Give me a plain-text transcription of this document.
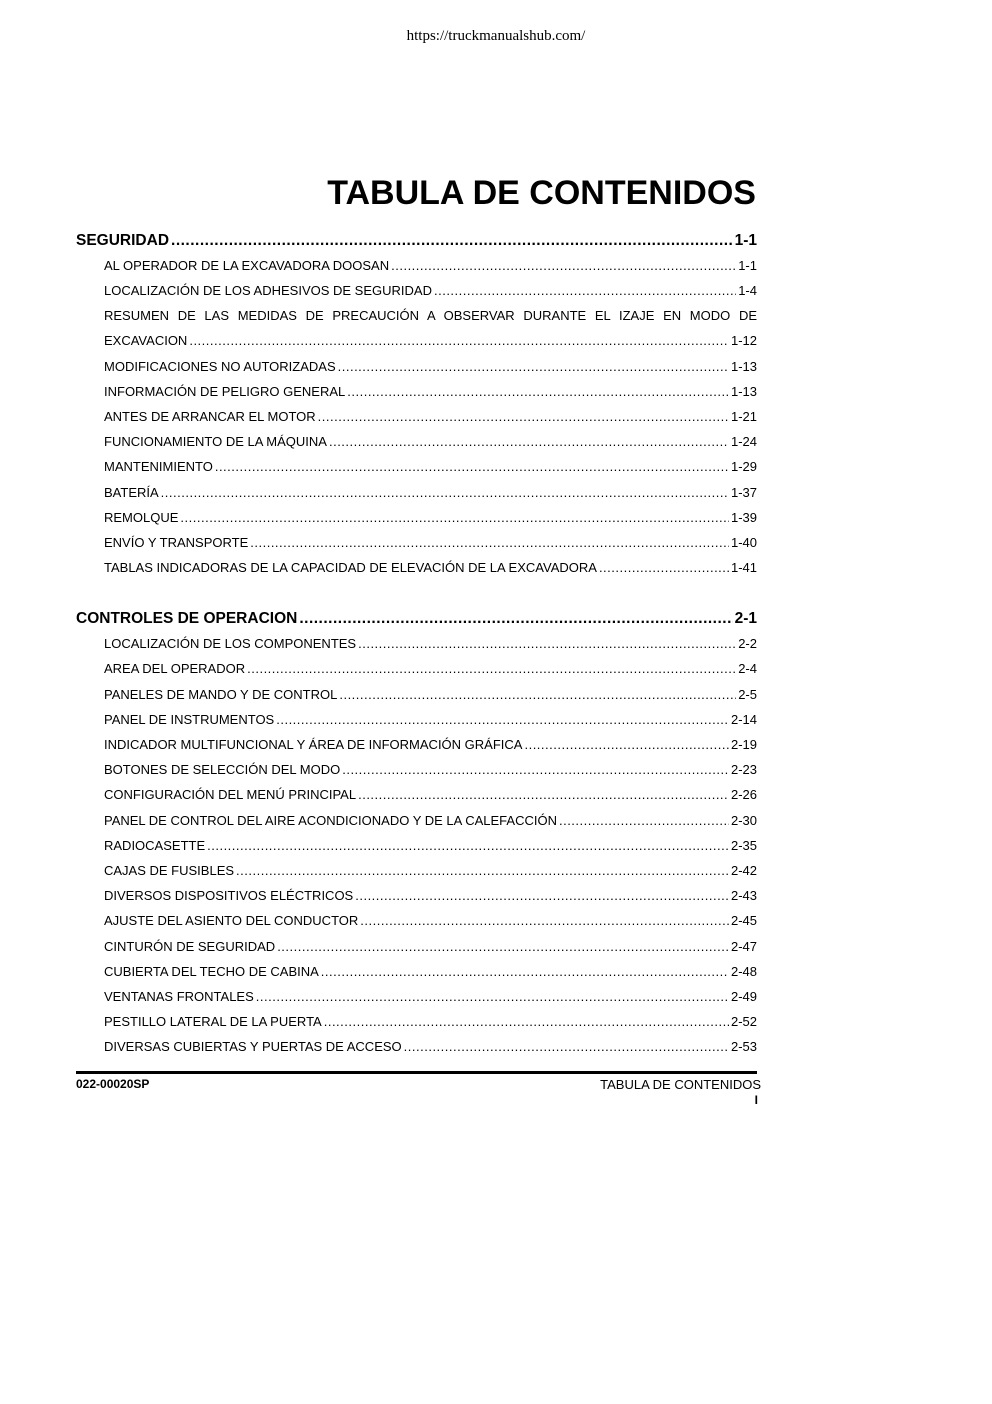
https://truckmanualshub.com/
TABULA DE CONTENIDOS
SEGURIDAD .....	1-1
AL OPERADOR DE LA EXCAVADORA DOOSAN .....	1-1
LOCALIZACIÓN DE LOS ADHESIVOS DE SEGURIDAD .....	1-4
RESUMEN DE LAS MEDIDAS DE PRECAUCIÓN A OBSERVAR DURANTE EL IZAJE EN MODO DE
EXCAVACION .....	1-12
MODIFICACIONES NO AUTORIZADAS .....	1-13
INFORMACIÓN DE PELIGRO GENERAL .....	1-13
ANTES DE ARRANCAR EL MOTOR .....	1-21
FUNCIONAMIENTO DE LA MÁQUINA .....	1-24
MANTENIMIENTO .....	1-29
BATERÍA .....	1-37
REMOLQUE .....	1-39
ENVÍO Y TRANSPORTE .....	1-40
TABLAS INDICADORAS DE LA CAPACIDAD DE ELEVACIÓN DE LA EXCAVADORA .....	1-41
CONTROLES DE OPERACION .....	2-1
LOCALIZACIÓN DE LOS COMPONENTES .....	2-2
AREA DEL OPERADOR .....	2-4
PANELES DE MANDO Y DE CONTROL .....	2-5
PANEL DE INSTRUMENTOS .....	2-14
INDICADOR MULTIFUNCIONAL Y ÁREA DE INFORMACIÓN GRÁFICA .....	2-19
BOTONES DE SELECCIÓN DEL MODO .....	2-23
CONFIGURACIÓN DEL MENÚ PRINCIPAL .....	2-26
PANEL DE CONTROL DEL AIRE ACONDICIONADO Y DE LA CALEFACCIÓN .....	2-30
RADIOCASETTE .....	2-35
CAJAS DE FUSIBLES .....	2-42
DIVERSOS DISPOSITIVOS ELÉCTRICOS .....	2-43
AJUSTE DEL ASIENTO DEL CONDUCTOR .....	2-45
CINTURÓN DE SEGURIDAD .....	2-47
CUBIERTA DEL TECHO DE CABINA .....	2-48
VENTANAS FRONTALES .....	2-49
PESTILLO LATERAL DE LA PUERTA .....	2-52
DIVERSAS CUBIERTAS Y PUERTAS DE ACCESO .....	2-53
022-00020SP	TABULA DE CONTENIDOS
I
